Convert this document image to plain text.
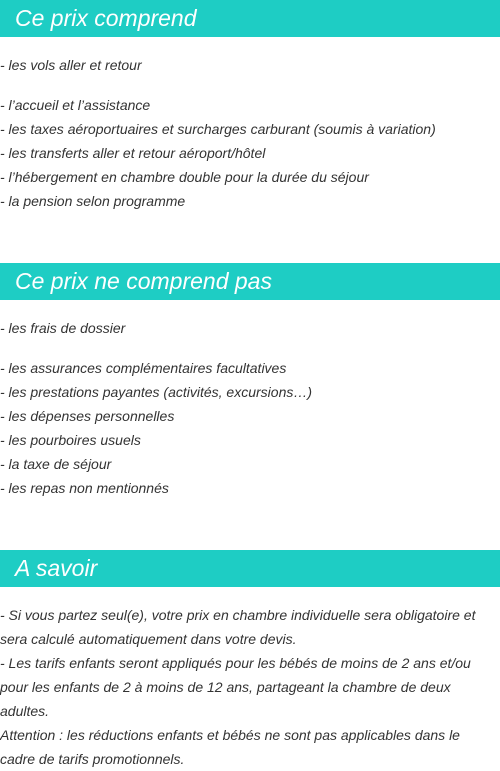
Ce prix comprend
- les vols aller et retour
- l’accueil et l’assistance
- les taxes aéroportuaires et surcharges carburant (soumis à variation)
- les transferts aller et retour aéroport/hôtel
- l’hébergement en chambre double pour la durée du séjour
- la pension selon programme
Ce prix ne comprend pas
- les frais de dossier
- les assurances complémentaires facultatives
- les prestations payantes (activités, excursions…)
- les dépenses personnelles
- les pourboires usuels
- la taxe de séjour
- les repas non mentionnés
A savoir

- Si vous partez seul(e), votre prix en chambre individuelle sera obligatoire et sera calculé automatiquement dans votre devis.

- Les tarifs enfants seront appliqués pour les bébés de moins de 2 ans et/ou pour les enfants de 2 à moins de 12 ans, partageant la chambre de deux adultes.

Attention : les réductions enfants et bébés ne sont pas applicables dans le cadre de tarifs promotionnels.
